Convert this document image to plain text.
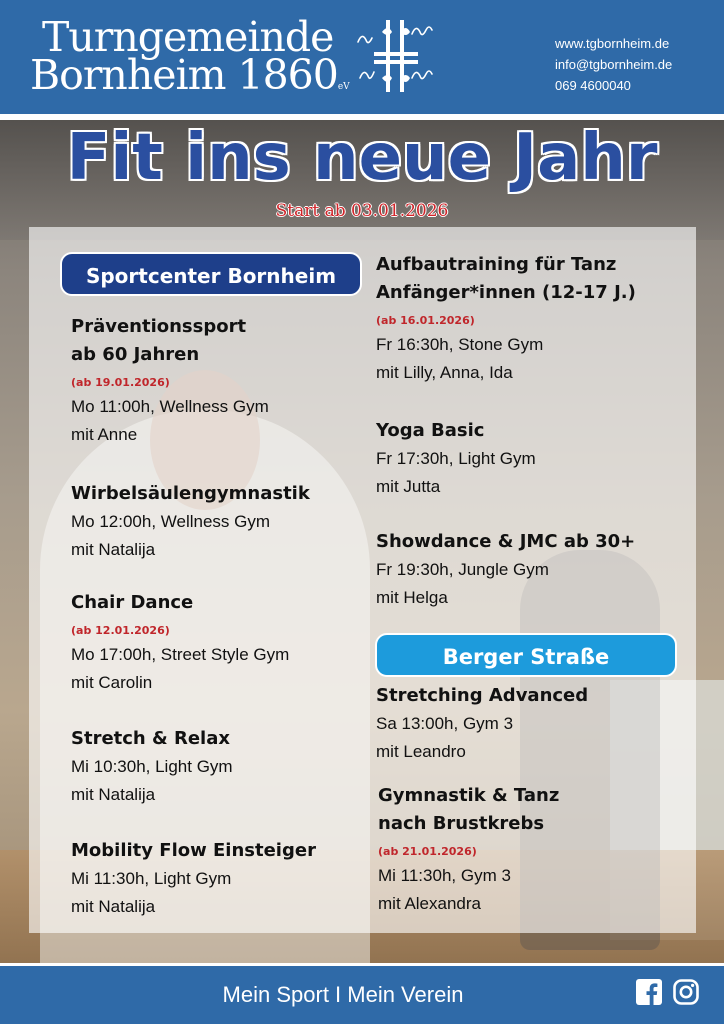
Turngemeinde
Bornheim 1860eV
www.tgbornheim.de
info@tgbornheim.de
069 4600040
Fit ins neue Jahr
Start ab 03.01.2026
Sportcenter Bornheim
Berger Straße
Präventionssport
ab 60 Jahren
(ab 19.01.2026)
Mo 11:00h, Wellness Gym
mit Anne
Wirbelsäulengymnastik
Mo 12:00h, Wellness Gym
mit Natalija
Chair Dance
(ab 12.01.2026)
Mo 17:00h, Street Style Gym
mit Carolin
Stretch & Relax
Mi 10:30h, Light Gym
mit Natalija
Mobility Flow Einsteiger
Mi 11:30h, Light Gym
mit Natalija
Aufbautraining für Tanz
Anfänger*innen (12-17 J.)
(ab 16.01.2026)
Fr 16:30h, Stone Gym
mit Lilly, Anna, Ida
Yoga Basic
Fr 17:30h, Light Gym
mit Jutta
Showdance & JMC ab 30+
Fr 19:30h, Jungle Gym
mit Helga
Stretching Advanced
Sa 13:00h, Gym 3
mit Leandro
Gymnastik & Tanz
nach Brustkrebs
(ab 21.01.2026)
Mi 11:30h, Gym 3
mit Alexandra
Mein Sport I Mein Verein
